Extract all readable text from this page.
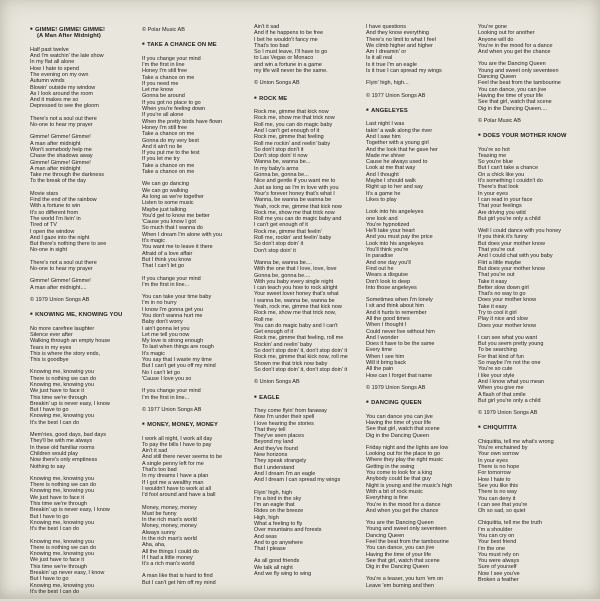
■ GIMME! GIMME! GIMME!
(A Man After Midnight)
Half past twelve
And I'm watchin' the late show
In my flat all alone
How I hate to spend
The evening on my own
Autumn winds
Blowin' outside my window
As I look around the room
And it makes me so
Depressed to see the gloom
There's not a soul out there
No-one to hear my prayer
Gimme! Gimme! Gimme!
A man after midnight
Won't somebody help me
Chase the shadows away
Gimme! Gimme! Gimme!
A man after midnight
Take me through the darkness
To the break of the day
Movie stars
Find the end of the rainbow
With a fortune to win
It's so different from
The world I'm livin' in
Tired of TV
I open the window
And I gaze into the night
But there's nothing there to see
No-one in sight
There's not a soul out there
No-one to hear my prayer
Gimme! Gimme! Gimme!
A man after midnight....
© 1979 Union Songs AB
■ KNOWING ME, KNOWING YOU
No more carefree laughter
Silence ever after
Walking through an empty house
Tears in my eyes
This is where the story ends,
This is goodbye
Knowing me, knowing you
There is nothing we can do
Knowing me, knowing you
We just have to face it
This time we're through
Breakin' up is never easy, I know
But I have to go
Knowing me, knowing you
It's the best I can do
Mem'ries, good days, bad days
They'll be with me always
In these old familiar rooms
Children would play
Now there's only emptiness
Nothing to say
Knowing me, knowing you
There is nothing we can do
Knowing me, knowing you
We just have to face it
This time we're through
Breakin' up is never easy, I know
But I have to go
Knowing me, knowing you
It's the best I can do
Knowing me, knowing you
There is nothing we can do
Knowing me, knowing you
We just have to face it
This time we're through
Breakin' up never easy, I know
But I have to go
Knowing me, knowing you
It's the best I can do
© Polar Music AB
■ TAKE A CHANCE ON ME
If you change your mind
I'm the first in line
Honey I'm still free
Take a chance on me
If you need me
Let me know
Gonna be around
If you got no place to go
When you're feeling down
If you're all alone
When the pretty birds have flown
Honey I'm still free
Take a chance on me
Gonna do my very best
And it ain't no lie
If you put me to the test
If you let me try
Take a chance on me
Take a chance on me
We can go dancing
We can go walking
As long as we're together
Listen to some music
Maybe just talking
You'd get to know me better
'Cause you know I got
So much that I wanna do
When I dream I'm alone with you
It's magic
You want me to leave it there
Afraid of a love affair
But I think you know
That I can't let go
If you change your mind
I'm the first in line...
You can take your time baby
I'm in no hurry
I know I'm gonna get you
You don't wanna hurt me
Baby don't worry
I ain't gonna let you
Let me tell you now
My love is strong enough
To last when things are rough
It's magic
You say that I waste my time
But I can't get you off my mind
No I can't let go
'Cause I love you so
If you change your mind
I'm the first in line...
© 1977 Union Songs AB
■ MONEY, MONEY, MONEY
I work all night, I work all day
To pay the bills I have to pay
Ain't it sad
And still there never seems to be
A single penny left for me
That's too bad
In my dreams I have a plan
If I got me a wealthy man
I wouldn't have to work at all
I'd fool around and have a ball
Money, money, money
Must be funny
In the rich man's world
Money, money, money
Always sunny
In the rich man's world
Aha, aha,
All the things I could do
If I had a little money
It's a rich man's world
A man like that is hard to find
But I can't get him off my mind
Ain't it sad
And if he happens to be free
I bet he wouldn't fancy me
That's too bad
So I must leave, I'll have to go
to Las Vegas or Monaco
and win a fortune in a game
my life will never be the same.
© Union Songs AB
■ ROCK ME
Rock me, gimme that kick now
Rock me, show me that trick now
Roll me, you can do magic baby
And I can't get enough of it
Rock me, gimme that feeling
Roll me rockin' and reelin' baby
So don't stop don't it
Don't stop doin' it now
Wanna be, wanna be...
In my baby's arms
Gonna be, gonna be...
Nice and gentle if you want me to
Just as long as I'm in love with you
Your's forever honey that's what I
Wanna, be wanna be wanna be
Yeah, rock me, gimme that kick now
Rock me, show me that trick now
Roll me you can do magic baby and
I can't get enough of it
Rock me, gimme that feelin'
Roll me, rockin' and feelin' baby
So don't stop doin' it
Don't stop doin' it
Wanna be, wanna be....
With the one that I love, love, love
Gonna be, gonna be....
With you baby every single night
I can teach you how to rock alright
Your sweet lover honey that's what
I wanna be, wanna be, wanna be
Yeah, rock me, gimme that kick now
Rock me, show me that trick now,
Roll me
You can do magic baby and I can't
Get enough of it
Rock me, gimme that feeling, roll me
Rockin' and reelin' baby
So don't stop doin' it, don't stop doin' it
Rock me, gimme that kick now, roll me
Shown me that trick now baby
So don't stop doin' it, don't stop doin' it
© Union Songs AB
■ EAGLE
They come flyin' from faraway
Now I'm under their spell
I love hearing the stories
That they tell
They've seen places
Beyond my land
And they've found
New horizons
They speak strangely
But I understand
And I dream I'm an eagle
And I dream I can spread my wings
Flyin' high, high
I'm a bird in the sky
I'm an eagle that
Rides on the breeze
High, high
What a feeling to fly
Over mountains and forests
And seas
And to go anywhere
That I please
As all good friends
We talk all night
And we fly wing to wing
I have questions
And they know everything
There's no limit to what I feel
We climb higher and higher
Am I dreamin' or
Is it all real
Is it true I'm an eagle
Is it true I can spread my wings
Flyin' high, high...
© 1977 Union Songs AB
■ ANGELEYES
Last night I was
takin' a walk along the river
And I saw him
Together with a young girl
And the look that he gave her
Made me shiver
Cause he always used to
Look at me that way
And I thought
Maybe I should walk
Right up to her and say
It's a game he
Likes to play
Look into his angeleyes
one look and
You're hypnotized
He'll take your heart
And you must pay the price
Look into his angeleyes
You'll think you're
In paradise
And one day you'll
Find out he
Wears a disguise
Don't look to deep
Into those angeleyes
Sometimes when I'm lonely
I sit and think about him
And it hurts to remember
All the good times
When I thought I
Could never live without him
And I wonder
Does it have to be the same
Every time
When I see him
Will it bring back
All the pain
How can I forget that name
© 1979 Union Songs AB
■ DANCING QUEEN
You can dance you can jive
Having the time of your life
See that girl, watch that scene
Dig in the Dancing Queen
Friday night and the lights are low
Looking out for the place to go
Where they play the right music
Getting in the swing
You come to look for a king
Anybody could be that guy
Night is young and the music's high
With a bit of rock music
Everything is fine
You're in the mood for a dance
And when you get the chance
You are the Dancing Queen
Young and sweet only seventeen
Dancing Queen
Feel the beat from the tambourine
You can dance, you can jive
Having the time of your life
See that girl, watch that scene
Dig in the Dancing Queen
You're a teaser, you turn 'em on
Leave 'em burning and then
You're gone
Looking out for another
Anyone will do
You're in the mood for a dance
And when you get the chance
You are the Dancing Queen
Young and sweet only seventeen
Dancing Queen
Feel the beat from the tambourine
You can dance, you can jive
Having the time of your life
See that girl, watch that scene
Dig in the Dancing Queen....
© Polar Music AB
■ DOES YOUR MOTHER KNOW
You're so hot
Teasing me
So you're blue
But I can't take a chance
On a chick like you
It's something I couldn't do
There's that look
In your eyes
I can read in your face
That your feelings
Are driving you wild
But girl you're only a child
Well I could dance with you honey
If you think it's funny
But does your mother know
That you're out
And I could chat with you baby
Flirt a little maybe
But does your mother know
That you're out
Take it easy
Better slow down girl
That's no way to go
Does your mother know
Take it easy
Try to cool it girl
Play it nice and slow
Does your mother know
I can see what you want
But you seem pretty young
To be searching
For that kind of fun
So maybe I'm not the one
You're so cute
I like your style
And I know what you mean
When you give me
A flash of that smile
But girl you're only a child
© 1979 Union Songs AB
■ CHIQUITITA
Chiquitita, tell me what's wrong
You're enchained by
Your own sorrow
In your eyes
There is no hope
For tomorrow
How I hate to
See you like this
There is no way
You can deny it
I can see that you're
Oh so sad, so quiet
Chiquitita, tell me the truth
I'm a shoulder
You can cry on
Your best friend
I'm the one
You must rely on
You were always
Sure of yourself
Now I see you've
Broken a feather
